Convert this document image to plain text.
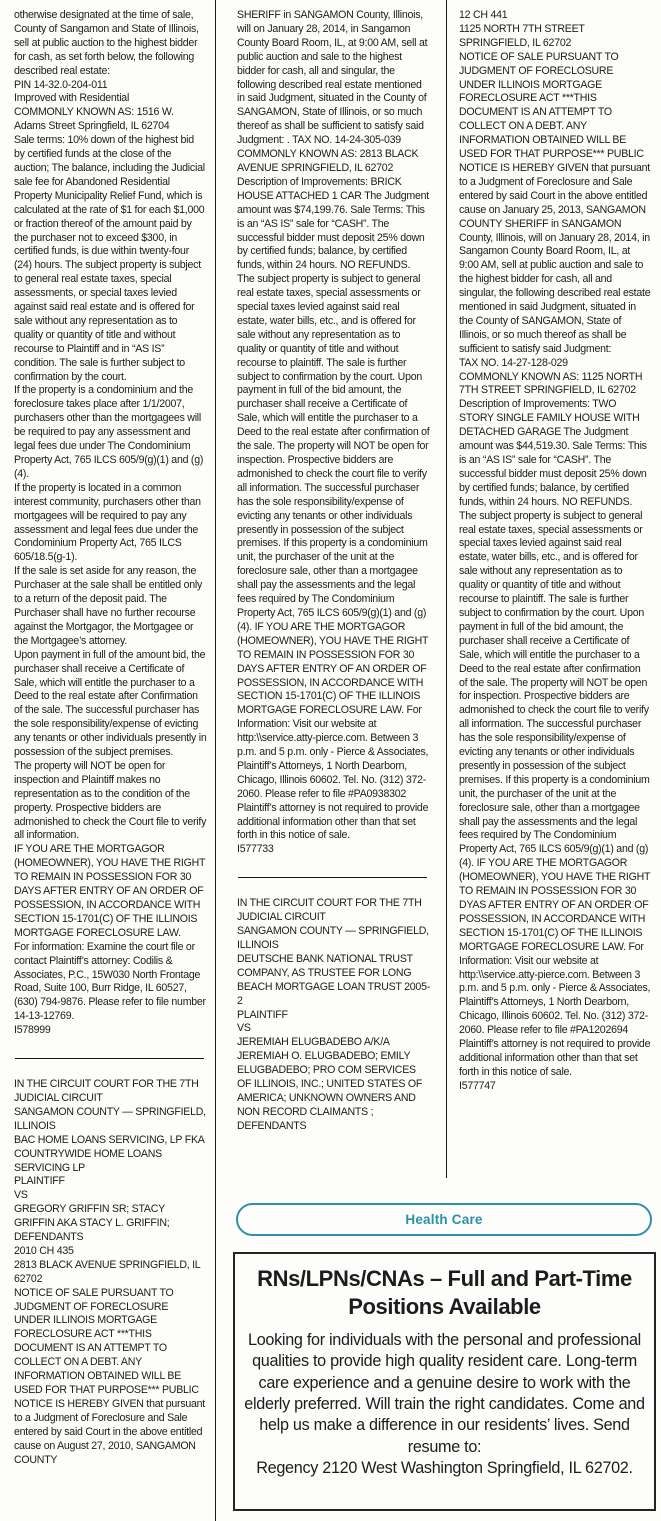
otherwise designated at the time of sale, County of Sangamon and State of Illinois, sell at public auction to the highest bidder for cash, as set forth below, the following described real estate:

PIN 14-32.0-204-011

Improved with Residential

COMMONLY KNOWN AS: 1516 W. Adams Street Springfield, IL 62704

Sale terms: 10% down of the highest bid by certified funds at the close of the auction; The balance, including the Judicial sale fee for Abandoned Residential Property Municipality Relief Fund, which is calculated at the rate of $1 for each $1,000 or fraction thereof of the amount paid by the purchaser not to exceed $300, in certified funds, is due within twenty-four (24) hours. The subject property is subject to general real estate taxes, special assessments, or special taxes levied against said real estate and is offered for sale without any representation as to quality or quantity of title and without recourse to Plaintiff and in “AS IS” condition. The sale is further subject to confirmation by the court.

If the property is a condominium and the foreclosure takes place after 1/1/2007, purchasers other than the mortgagees will be required to pay any assessment and legal fees due under The Condominium Property Act, 765 ILCS 605/9(g)(1) and (g)(4).

If the property is located in a common interest community, purchasers other than mortgagees will be required to pay any assessment and legal fees due under the Condominium Property Act, 765 ILCS 605/18.5(g-1).

If the sale is set aside for any reason, the Purchaser at the sale shall be entitled only to a return of the deposit paid. The Purchaser shall have no further recourse against the Mortgagor, the Mortgagee or the Mortgagee’s attorney.

Upon payment in full of the amount bid, the purchaser shall receive a Certificate of Sale, which will entitle the purchaser to a Deed to the real estate after Confirmation of the sale. The successful purchaser has the sole responsibility/expense of evicting any tenants or other individuals presently in possession of the subject premises.

The property will NOT be open for inspection and Plaintiff makes no representation as to the condition of the property. Prospective bidders are admonished to check the Court file to verify all information.

IF YOU ARE THE MORTGAGOR (HOMEOWNER), YOU HAVE THE RIGHT TO REMAIN IN POSSESSION FOR 30 DAYS AFTER ENTRY OF AN ORDER OF POSSESSION, IN ACCORDANCE WITH SECTION 15-1701(C) OF THE ILLINOIS MORTGAGE FORECLOSURE LAW.

For information: Examine the court file or contact Plaintiff’s attorney: Codilis & Associates, P.C., 15W030 North Frontage Road, Suite 100, Burr Ridge, IL 60527, (630) 794-9876. Please refer to file number 14-13-12769.

I578999

IN THE CIRCUIT COURT FOR THE 7TH JUDICIAL CIRCUIT

SANGAMON COUNTY — SPRINGFIELD, ILLINOIS

BAC HOME LOANS SERVICING, LP FKA COUNTRYWIDE HOME LOANS SERVICING LP

PLAINTIFF

VS

GREGORY GRIFFIN SR; STACY GRIFFIN AKA STACY L. GRIFFIN;

DEFENDANTS

2010 CH 435

2813 BLACK AVENUE SPRINGFIELD, IL 62702

NOTICE OF SALE PURSUANT TO JUDGMENT OF FORECLOSURE UNDER ILLINOIS MORTGAGE FORECLOSURE ACT ***THIS DOCUMENT IS AN ATTEMPT TO COLLECT ON A DEBT. ANY INFORMATION OBTAINED WILL BE USED FOR THAT PURPOSE*** PUBLIC NOTICE IS HEREBY GIVEN that pursuant to a Judgment of Foreclosure and Sale entered by said Court in the above entitled cause on August 27, 2010, SANGAMON COUNTY

SHERIFF in SANGAMON County, Illinois, will on January 28, 2014, in Sangamon County Board Room, IL, at 9:00 AM, sell at public auction and sale to the highest bidder for cash, all and singular, the following described real estate mentioned in said Judgment, situated in the County of SANGAMON, State of Illinois, or so much thereof as shall be sufficient to satisfy said Judgment: . TAX NO. 14-24-305-039 COMMONLY KNOWN AS: 2813 BLACK AVENUE SPRINGFIELD, IL 62702 Description of Improvements: BRICK HOUSE ATTACHED 1 CAR The Judgment amount was $74,199.76. Sale Terms: This is an “AS IS” sale for “CASH”. The successful bidder must deposit 25% down by certified funds; balance, by certified funds, within 24 hours. NO REFUNDS. The subject property is subject to general real estate taxes, special assessments or special taxes levied against said real estate, water bills, etc., and is offered for sale without any representation as to quality or quantity of title and without recourse to plaintiff. The sale is further subject to confirmation by the court. Upon payment in full of the bid amount, the purchaser shall receive a Certificate of Sale, which will entitle the purchaser to a Deed to the real estate after confirmation of the sale. The property will NOT be open for inspection. Prospective bidders are admonished to check the court file to verify all information. The successful purchaser has the sole responsibility/expense of evicting any tenants or other individuals presently in possession of the subject premises. If this property is a condominium unit, the purchaser of the unit at the foreclosure sale, other than a mortgagee shall pay the assessments and the legal fees required by The Condominium Property Act, 765 ILCS 605/9(g)(1) and (g)(4). IF YOU ARE THE MORTGAGOR (HOMEOWNER), YOU HAVE THE RIGHT TO REMAIN IN POSSESSION FOR 30 DAYS AFTER ENTRY OF AN ORDER OF POSSESSION, IN ACCORDANCE WITH SECTION 15-1701(C) OF THE ILLINOIS MORTGAGE FORECLOSURE LAW. For Information: Visit our website at http:\\service.atty-pierce.com. Between 3 p.m. and 5 p.m. only - Pierce & Associates, Plaintiff’s Attorneys, 1 North Dearborn, Chicago, Illinois 60602. Tel. No. (312) 372-2060. Please refer to file #PA0938302 Plaintiff’s attorney is not required to provide additional information other than that set forth in this notice of sale.

I577733

IN THE CIRCUIT COURT FOR THE 7TH JUDICIAL CIRCUIT

SANGAMON COUNTY — SPRINGFIELD, ILLINOIS

DEUTSCHE BANK NATIONAL TRUST COMPANY, AS TRUSTEE FOR LONG BEACH MORTGAGE LOAN TRUST 2005-2

PLAINTIFF

VS

JEREMIAH ELUGBADEBO A/K/A JEREMIAH O. ELUGBADEBO; EMILY ELUGBADEBO; PRO COM SERVICES OF ILLINOIS, INC.; UNITED STATES OF AMERICA; UNKNOWN OWNERS AND NON RECORD CLAIMANTS ;

DEFENDANTS

12 CH 441

1125 NORTH 7TH STREET SPRINGFIELD, IL 62702

NOTICE OF SALE PURSUANT TO JUDGMENT OF FORECLOSURE UNDER ILLINOIS MORTGAGE FORECLOSURE ACT ***THIS DOCUMENT IS AN ATTEMPT TO COLLECT ON A DEBT. ANY INFORMATION OBTAINED WILL BE USED FOR THAT PURPOSE*** PUBLIC NOTICE IS HEREBY GIVEN that pursuant to a Judgment of Foreclosure and Sale entered by said Court in the above entitled cause on January 25, 2013, SANGAMON COUNTY SHERIFF in SANGAMON County, Illinois, will on January 28, 2014, in Sangamon County Board Room, IL, at 9:00 AM, sell at public auction and sale to the highest bidder for cash, all and singular, the following described real estate mentioned in said Judgment, situated in the County of SANGAMON, State of Illinois, or so much thereof as shall be sufficient to satisfy said Judgment:

TAX NO. 14-27-128-029

COMMONLY KNOWN AS: 1125 NORTH 7TH STREET SPRINGFIELD, IL 62702 Description of Improvements: TWO STORY SINGLE FAMILY HOUSE WITH DETACHED GARAGE The Judgment amount was $44,519.30. Sale Terms: This is an “AS IS” sale for “CASH”. The successful bidder must deposit 25% down by certified funds; balance, by certified funds, within 24 hours. NO REFUNDS. The subject property is subject to general real estate taxes, special assessments or special taxes levied against said real estate, water bills, etc., and is offered for sale without any representation as to quality or quantity of title and without recourse to plaintiff. The sale is further subject to confirmation by the court. Upon payment in full of the bid amount, the purchaser shall receive a Certificate of Sale, which will entitle the purchaser to a Deed to the real estate after confirmation of the sale. The property will NOT be open for inspection. Prospective bidders are admonished to check the court file to verify all information. The successful purchaser has the sole responsibility/expense of evicting any tenants or other individuals presently in possession of the subject premises. If this property is a condominium unit, the purchaser of the unit at the foreclosure sale, other than a mortgagee shall pay the assessments and the legal fees required by The Condominium Property Act, 765 ILCS 605/9(g)(1) and (g)(4). IF YOU ARE THE MORTGAGOR (HOMEOWNER), YOU HAVE THE RIGHT TO REMAIN IN POSSESSION FOR 30 DYAS AFTER ENTRY OF AN ORDER OF POSSESSION, IN ACCORDANCE WITH SECTION 15-1701(C) OF THE ILLINOIS MORTGAGE FORECLOSURE LAW. For Information: Visit our website at http:\\service.atty-pierce.com. Between 3 p.m. and 5 p.m. only - Pierce & Associates, Plaintiff’s Attorneys, 1 North Dearborn, Chicago, Illinois 60602. Tel. No. (312) 372-2060. Please refer to file #PA1202694 Plaintiff’s attorney is not required to provide additional information other than that set forth in this notice of sale.

I577747

Health Care
RNs/LPNs/CNAs – Full and Part-Time
Positions Available
Looking for individuals with the personal and professional qualities to provide high quality resident care. Long-term care experience and a genuine desire to work with the elderly preferred. Will train the right candidates. Come and help us make a difference in our residents’ lives. Send resume to:
Regency 2120 West Washington Springfield, IL 62702.
